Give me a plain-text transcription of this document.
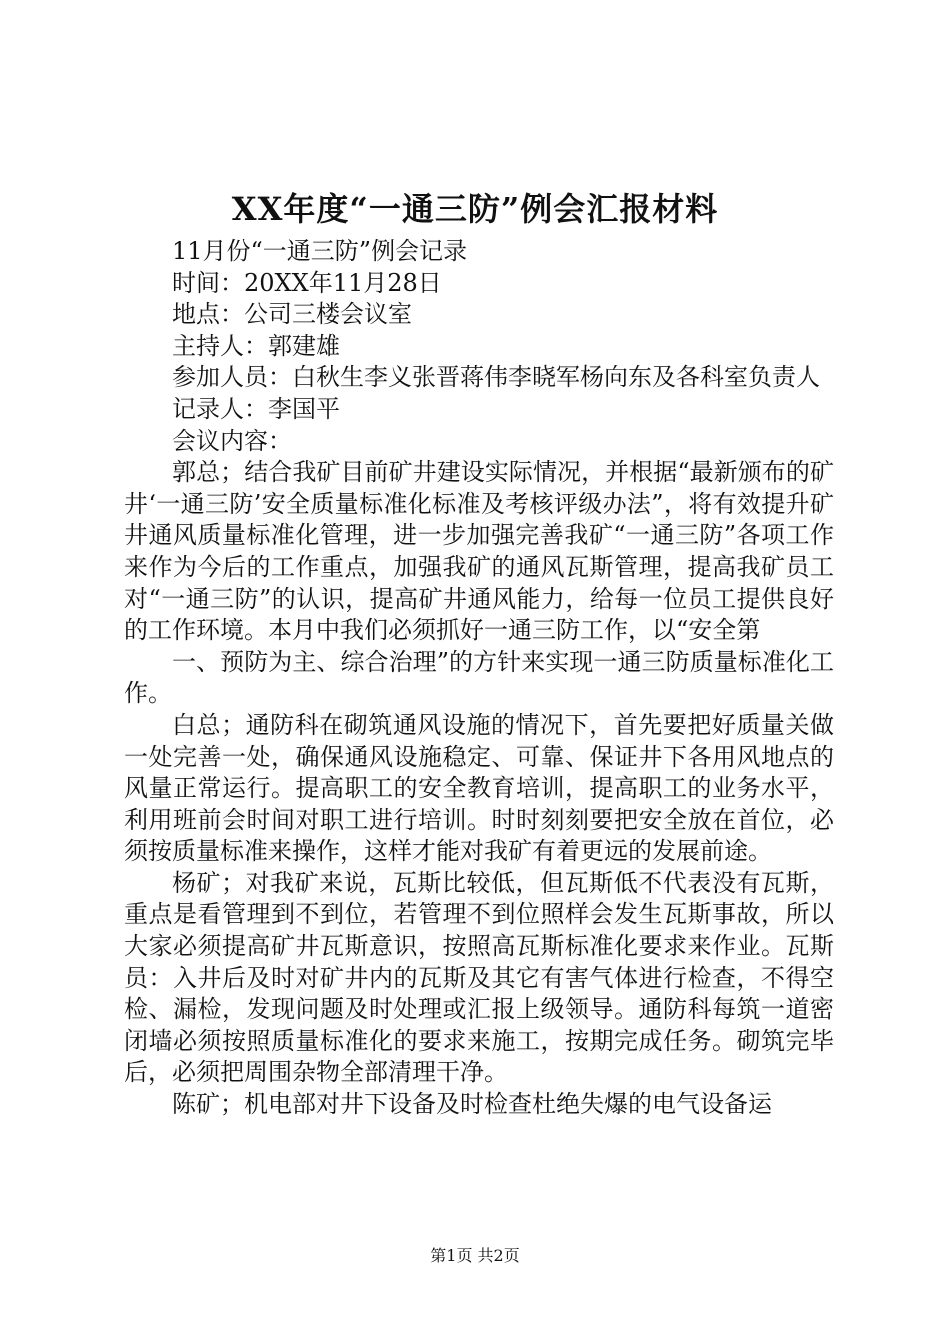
XX年度“一通三防”例会汇报材料

11月份“一通三防”例会记录

时间：20XX年11月28日

地点：公司三楼会议室

主持人：郭建雄

参加人员：白秋生李义张晋蒋伟李晓军杨向东及各科室负责人

记录人：李国平

会议内容：

郭总；结合我矿目前矿井建设实际情况，并根据“最新颁布的矿井‘一通三防’安全质量标准化标准及考核评级办法”，将有效提升矿井通风质量标准化管理，进一步加强完善我矿“一通三防”各项工作来作为今后的工作重点，加强我矿的通风瓦斯管理，提高我矿员工对“一通三防”的认识，提高矿井通风能力，给每一位员工提供良好的工作环境。本月中我们必须抓好一通三防工作，以“安全第

一、预防为主、综合治理”的方针来实现一通三防质量标准化工作。

白总；通防科在砌筑通风设施的情况下，首先要把好质量关做一处完善一处，确保通风设施稳定、可靠、保证井下各用风地点的风量正常运行。提高职工的安全教育培训，提高职工的业务水平，利用班前会时间对职工进行培训。时时刻刻要把安全放在首位，必须按质量标准来操作，这样才能对我矿有着更远的发展前途。

杨矿；对我矿来说，瓦斯比较低，但瓦斯低不代表没有瓦斯，重点是看管理到不到位，若管理不到位照样会发生瓦斯事故，所以大家必须提高矿井瓦斯意识，按照高瓦斯标准化要求来作业。瓦斯员：入井后及时对矿井内的瓦斯及其它有害气体进行检查，不得空检、漏检，发现问题及时处理或汇报上级领导。通防科每筑一道密闭墙必须按照质量标准化的要求来施工，按期完成任务。砌筑完毕后，必须把周围杂物全部清理干净。

陈矿；机电部对井下设备及时检查杜绝失爆的电气设备运

第1页 共2页
